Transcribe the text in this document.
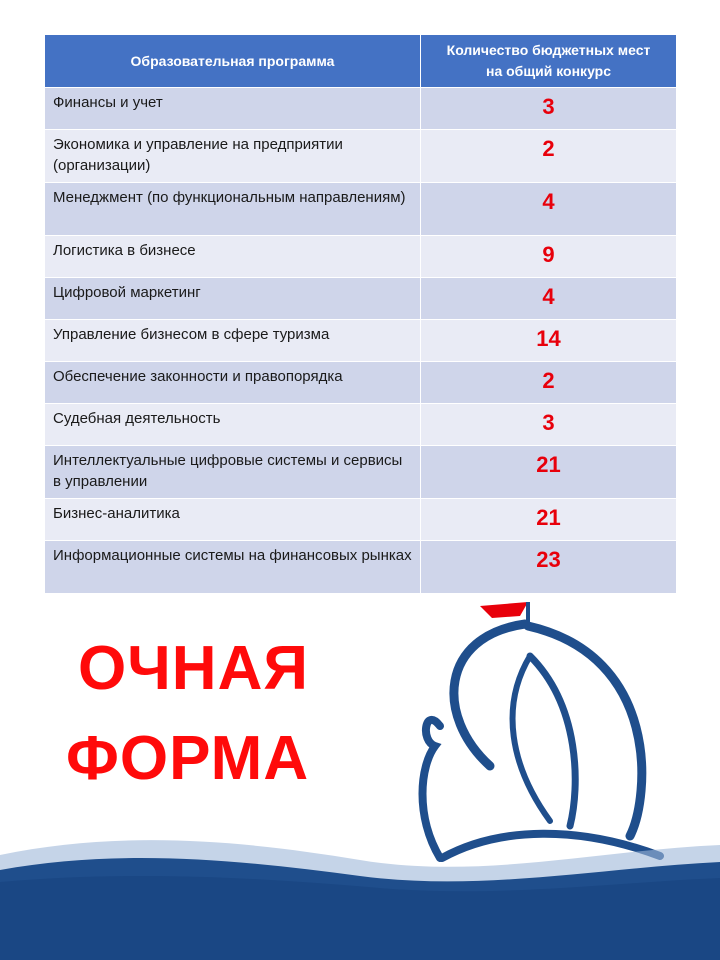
Образовательная программа	Количество бюджетных мест
на общий конкурс
Финансы и учет	3
Экономика и управление на предприятии (организации)	2
Менеджмент (по функциональным направлениям)	4
Логистика в бизнесе	9
Цифровой маркетинг	4
Управление бизнесом в сфере туризма	14
Обеспечение законности и правопорядка	2
Судебная деятельность	3
Интеллектуальные цифровые системы и сервисы в управлении	21
Бизнес-аналитика	21
Информационные системы на финансовых рынках	23
ОЧНАЯ
ФОРМА
